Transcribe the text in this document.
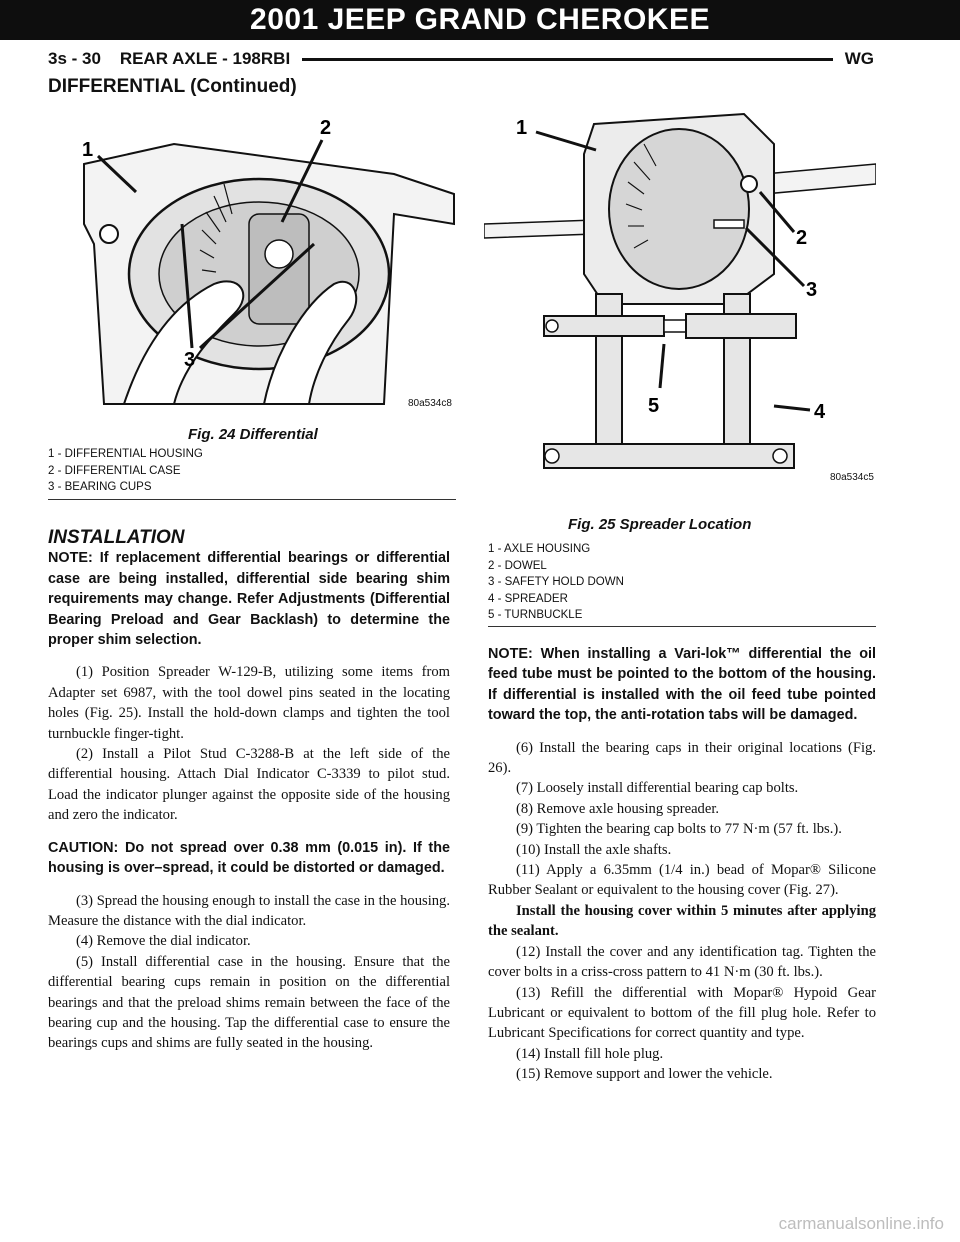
2001 JEEP GRAND CHEROKEE
3s - 30    REAR AXLE - 198RBI	WG
DIFFERENTIAL (Continued)
1
2
3
80a534c8
Fig. 24 Differential
1 - DIFFERENTIAL HOUSING
2 - DIFFERENTIAL CASE
3 - BEARING CUPS
1
2
3
4
5
80a534c5
Fig. 25 Spreader Location
1 - AXLE HOUSING
2 - DOWEL
3 - SAFETY HOLD DOWN
4 - SPREADER
5 - TURNBUCKLE

INSTALLATION

NOTE: If replacement differential bearings or differential case are being installed, differential side bearing shim requirements may change. Refer Adjustments (Differential Bearing Preload and Gear Backlash) to determine the proper shim selection.

(1) Position Spreader W-129-B, utilizing some items from Adapter set 6987, with the tool dowel pins seated in the locating holes (Fig. 25). Install the hold-down clamps and tighten the tool turnbuckle finger-tight.

(2) Install a Pilot Stud C-3288-B at the left side of the differential housing. Attach Dial Indicator C-3339 to pilot stud. Load the indicator plunger against the opposite side of the housing and zero the indicator.

CAUTION: Do not spread over 0.38 mm (0.015 in). If the housing is over–spread, it could be distorted or damaged.

(3) Spread the housing enough to install the case in the housing. Measure the distance with the dial indicator.

(4) Remove the dial indicator.

(5) Install differential case in the housing. Ensure that the differential bearing cups remain in position on the differential bearings and that the preload shims remain between the face of the bearing cup and the housing. Tap the differential case to ensure the bearings cups and shims are fully seated in the housing.

NOTE: When installing a Vari-lok™ differential the oil feed tube must be pointed to the bottom of the housing. If differential is installed with the oil feed tube pointed toward the top, the anti-rotation tabs will be damaged.

(6) Install the bearing caps in their original locations (Fig. 26).

(7) Loosely install differential bearing cap bolts.

(8) Remove axle housing spreader.

(9) Tighten the bearing cap bolts to 77 N·m (57 ft. lbs.).

(10) Install the axle shafts.

(11) Apply a 6.35mm (1/4 in.) bead of Mopar® Silicone Rubber Sealant or equivalent to the housing cover (Fig. 27).

Install the housing cover within 5 minutes after applying the sealant.

(12) Install the cover and any identification tag. Tighten the cover bolts in a criss-cross pattern to 41 N·m (30 ft. lbs.).

(13) Refill the differential with Mopar® Hypoid Gear Lubricant or equivalent to bottom of the fill plug hole. Refer to Lubricant Specifications for correct quantity and type.

(14) Install fill hole plug.

(15) Remove support and lower the vehicle.

carmanualsonline.info
